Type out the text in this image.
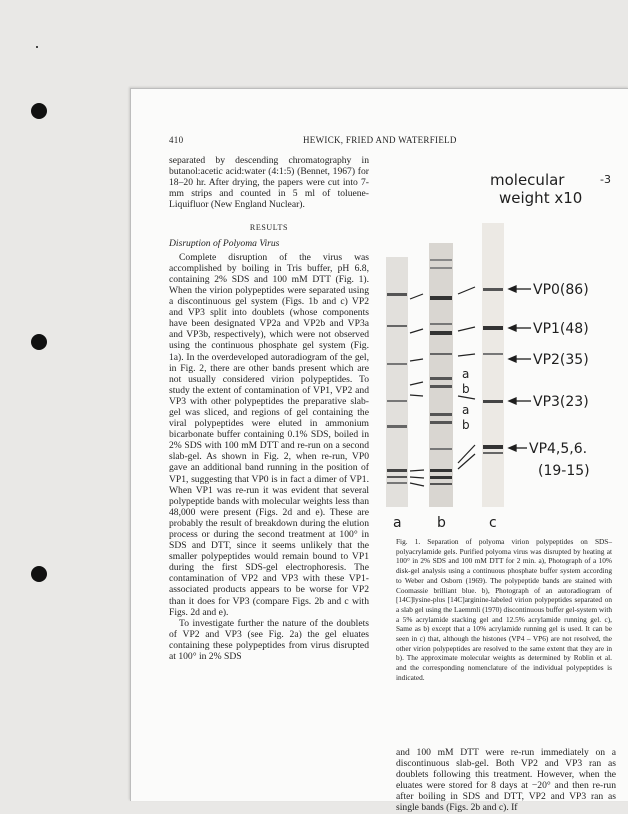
410	HEWICK, FRIED AND WATERFIELD

separated by descending chromatography in butanol:acetic acid:water (4:1:5) (Bennet, 1967) for 18–20 hr. After drying, the papers were cut into 7-mm strips and counted in 5 ml of toluene-Liquifluor (New England Nuclear).

RESULTS

Disruption of Polyoma Virus

Complete disruption of the virus was accomplished by boiling in Tris buffer, pH 6.8, containing 2% SDS and 100 mM DTT (Fig. 1). When the virion polypeptides were separated using a discontinuous gel system (Figs. 1b and c) VP2 and VP3 split into doublets (whose components have been designated VP2a and VP2b and VP3a and VP3b, respectively), which were not observed using the continuous phosphate gel system (Fig. 1a). In the overdeveloped autoradiogram of the gel, in Fig. 2, there are other bands present which are not usually considered virion polypeptides. To study the extent of contamination of VP1, VP2 and VP3 with other polypeptides the preparative slab-gel was sliced, and regions of gel containing the viral polypeptides were eluted in ammonium bicarbonate buffer containing 0.1% SDS, boiled in 2% SDS with 100 mM DTT and re-run on a second slab-gel. As shown in Fig. 2, when re-run, VP0 gave an additional band running in the position of VP1, suggesting that VP0 is in fact a dimer of VP1. When VP1 was re-run it was evident that several polypeptide bands with molecular weights less than 48,000 were present (Figs. 2d and e). These are probably the result of breakdown during the elution process or during the second treatment at 100° in SDS and DTT, since it seems unlikely that the smaller polypeptides would remain bound to VP1 during the first SDS-gel electrophoresis. The contamination of VP2 and VP3 with these VP1-associated products appears to be worse for VP2 than it does for VP3 (compare Figs. 2b and c with Figs. 2d and e).

To investigate further the nature of the doublets of VP2 and VP3 (see Fig. 2a) the gel eluates containing these polypeptides from virus disrupted at 100° in 2% SDS

molecular
weight x10
-3
a
b
a
b
VP0(86)
VP1(48)
VP2(35)
VP3(23)
VP4,5,6.
(19-15)
a	b	c

Fig. 1. Separation of polyoma virion polypeptides on SDS–polyacrylamide gels. Purified polyoma virus was disrupted by heating at 100° in 2% SDS and 100 mM DTT for 2 min. a), Photograph of a 10% disk-gel analysis using a continuous phosphate buffer system according to Weber and Osborn (1969). The polypeptide bands are stained with Coomassie brilliant blue. b), Photograph of an autoradiogram of [14C]lysine-plus [14C]arginine-labeled virion polypeptides separated on a slab gel using the Laemmli (1970) discontinuous buffer gel-system with a 5% acrylamide stacking gel and 12.5% acrylamide running gel. c), Same as b) except that a 10% acrylamide running gel is used. It can be seen in c) that, although the histones (VP4 – VP6) are not resolved, the other virion polypeptides are resolved to the same extent that they are in b). The approximate molecular weights as determined by Roblin et al. and the corresponding nomenclature of the individual polypeptides is indicated.

and 100 mM DTT were re-run immediately on a discontinuous slab-gel. Both VP2 and VP3 ran as doublets following this treatment. However, when the eluates were stored for 8 days at −20° and then re-run after boiling in SDS and DTT, VP2 and VP3 ran as single bands (Figs. 2b and c). If
